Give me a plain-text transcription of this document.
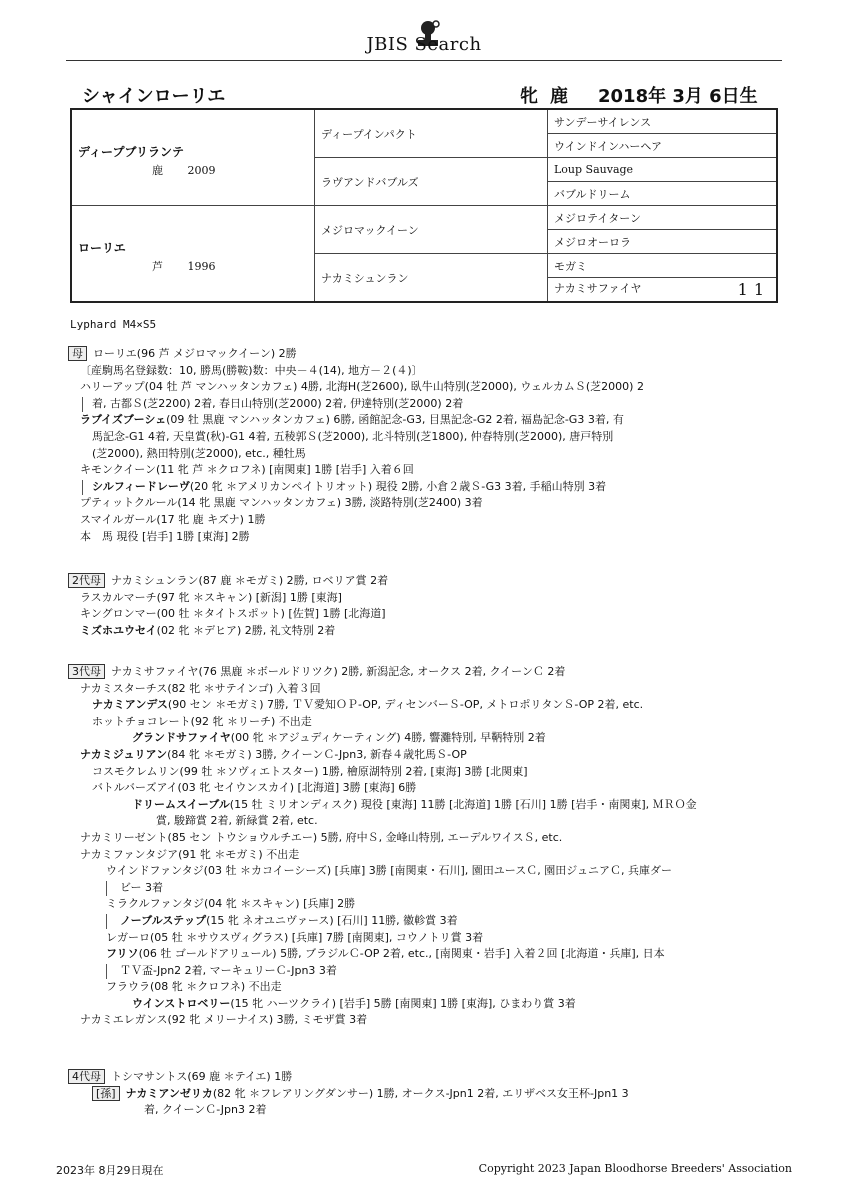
JBIS Search
シャインローリエ	牝 鹿 2018年 3月 6日生
ディープブリランテ
鹿 2009	ディープインパクト	サンデーサイレンス
		ウインドインハーヘア
	ラヴアンドバブルズ	Loup Sauvage
		バブルドリーム

ローリエ
芦 1996	メジロマックイーン	メジロテイターン
		メジロオーロラ
	ナカミシュンラン	モガミ
		ナカミサファイヤ 11
Lyphard M4×S5
母 ローリエ(96 芦 メジロマックイーン) 2勝
〔産駒馬名登録数：10, 勝馬(勝鞍)数：中央－４(14), 地方－２(４)〕
ハリーアップ(04 牡 芦 マンハッタンカフェ) 4勝, 北海H(芝2600), 臥牛山特別(芝2000), ウェルカムＳ(芝2000) 2
着, 古都Ｓ(芝2200) 2着, 春日山特別(芝2000) 2着, 伊達特別(芝2000) 2着
ラブイズブーシェ(09 牡 黒鹿 マンハッタンカフェ) 6勝, 函館記念-G3, 目黒記念-G2 2着, 福島記念-G3 3着, 有
馬記念-G1 4着, 天皇賞(秋)-G1 4着, 五稜郭Ｓ(芝2000), 北斗特別(芝1800), 仲春特別(芝2000), 唐戸特別
(芝2000), 熱田特別(芝2000), etc., 種牡馬
キモンクイーン(11 牝 芦 ＊クロフネ) [南関東] 1勝 [岩手] 入着６回
シルフィードレーヴ(20 牝 ＊アメリカンペイトリオット) 現役 2勝, 小倉２歳Ｓ-G3 3着, 手稲山特別 3着
プティットクルール(14 牝 黒鹿 マンハッタンカフェ) 3勝, 淡路特別(芝2400) 3着
スマイルガール(17 牝 鹿 キズナ) 1勝
本　馬 現役 [岩手] 1勝 [東海] 2勝
2代母 ナカミシュンラン(87 鹿 ＊モガミ) 2勝, ロベリア賞 2着
ラスカルマーチ(97 牝 ＊スキャン) [新潟] 1勝 [東海]
キングロンマー(00 牡 ＊タイトスポット) [佐賀] 1勝 [北海道]
ミズホユウセイ(02 牝 ＊デヒア) 2勝, 礼文特別 2着
3代母 ナカミサファイヤ(76 黒鹿 ＊ボールドリツク) 2勝, 新潟記念, オークス 2着, クイーンＣ 2着
ナカミスターチス(82 牝 ＊サテインゴ) 入着３回
ナカミアンデス(90 セン ＊モガミ) 7勝, ＴＶ愛知ＯＰ-OP, ディセンバーＳ-OP, メトロポリタンＳ-OP 2着, etc.
ホットチョコレート(92 牝 ＊リーチ) 不出走
グランドサファイヤ(00 牝 ＊アジュディケーティング) 4勝, 響灘特別, 早鞆特別 2着
ナカミジュリアン(84 牝 ＊モガミ) 3勝, クイーンＣ-Jpn3, 新春４歳牝馬Ｓ-OP
コスモクレムリン(99 牡 ＊ソヴィエトスター) 1勝, 檜原湖特別 2着, [東海] 3勝 [北関東]
バトルバーズアイ(03 牝 セイウンスカイ) [北海道] 3勝 [東海] 6勝
ドリームスイーブル(15 牡 ミリオンディスク) 現役 [東海] 11勝 [北海道] 1勝 [石川] 1勝 [岩手・南関東], ＭＲＯ金
賞, 駿蹄賞 2着, 新緑賞 2着, etc.
ナカミリーゼント(85 セン トウショウルチエー) 5勝, 府中Ｓ, 金峰山特別, エーデルワイスＳ, etc.
ナカミファンタジア(91 牝 ＊モガミ) 不出走
ウインドファンタジ(03 牡 ＊カコイーシーズ) [兵庫] 3勝 [南関東・石川], 園田ユースＣ, 園田ジュニアＣ, 兵庫ダー
ビー 3着
ミラクルファンタジ(04 牝 ＊スキャン) [兵庫] 2勝
ノーブルステップ(15 牝 ネオユニヴァース) [石川] 11勝, 徽軫賞 3着
レガーロ(05 牡 ＊サウスヴィグラス) [兵庫] 7勝 [南関東], コウノトリ賞 3着
フリソ(06 牡 ゴールドアリュール) 5勝, ブラジルＣ-OP 2着, etc., [南関東・岩手] 入着２回 [北海道・兵庫], 日本
ＴＶ盃-Jpn2 2着, マーキュリーＣ-Jpn3 3着
フラウラ(08 牝 ＊クロフネ) 不出走
ウインストロベリー(15 牝 ハーツクライ) [岩手] 5勝 [南関東] 1勝 [東海], ひまわり賞 3着
ナカミエレガンス(92 牝 メリーナイス) 3勝, ミモザ賞 3着
4代母 トシマサントス(69 鹿 ＊テイエ) 1勝
[孫] ナカミアンゼリカ(82 牝 ＊フレアリングダンサー) 1勝, オークス-Jpn1 2着, エリザベス女王杯-Jpn1 3
着, クイーンＣ-Jpn3 2着
2023年 8月29日現在	Copyright 2023 Japan Bloodhorse Breeders' Association
